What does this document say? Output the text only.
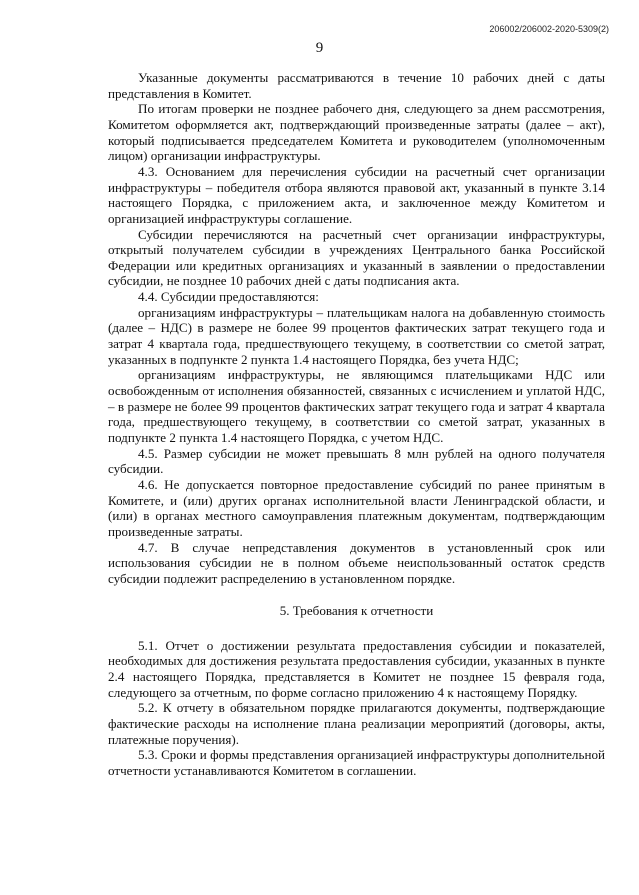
206002/206002-2020-5309(2)
9

Указанные документы рассматриваются в течение 10 рабочих дней с даты представления в Комитет.

По итогам проверки не позднее рабочего дня, следующего за днем рассмотрения, Комитетом оформляется акт, подтверждающий произведенные затраты (далее – акт), который подписывается председателем Комитета и руководителем (уполномоченным лицом) организации инфраструктуры.

4.3. Основанием для перечисления субсидии на расчетный счет организации инфраструктуры – победителя отбора являются правовой акт, указанный в пункте 3.14 настоящего Порядка, с приложением акта, и заключенное между Комитетом и организацией инфраструктуры соглашение.

Субсидии перечисляются на расчетный счет организации инфраструктуры, открытый получателем субсидии в учреждениях Центрального банка Российской Федерации или кредитных организациях и указанный в заявлении о предоставлении субсидии, не позднее 10 рабочих дней с даты подписания акта.

4.4. Субсидии предоставляются:

организациям инфраструктуры – плательщикам налога на добавленную стоимость (далее – НДС) в размере не более 99 процентов фактических затрат текущего года и затрат 4 квартала года, предшествующего текущему, в соответствии со сметой затрат, указанных в подпункте 2 пункта 1.4 настоящего Порядка, без учета НДС;

организациям инфраструктуры, не являющимся плательщиками НДС или освобожденным от исполнения обязанностей, связанных с исчислением и уплатой НДС, – в размере не более 99 процентов фактических затрат текущего года и затрат 4 квартала года, предшествующего текущему, в соответствии со сметой затрат, указанных в подпункте 2 пункта 1.4 настоящего Порядка, с учетом НДС.

4.5. Размер субсидии не может превышать 8 млн рублей на одного получателя субсидии.

4.6. Не допускается повторное предоставление субсидий по ранее принятым в Комитете, и (или) других органах исполнительной власти Ленинградской области, и (или) в органах местного самоуправления платежным документам, подтверждающим произведенные затраты.

4.7. В случае непредставления документов в установленный срок или использования субсидии не в полном объеме неиспользованный остаток средств субсидии подлежит распределению в установленном порядке.

5. Требования к отчетности

5.1. Отчет о достижении результата предоставления субсидии и показателей, необходимых для достижения результата предоставления субсидии, указанных в пункте 2.4 настоящего Порядка, представляется в Комитет не позднее 15 февраля года, следующего за отчетным, по форме согласно приложению 4 к настоящему Порядку.

5.2. К отчету в обязательном порядке прилагаются документы, подтверждающие фактические расходы на исполнение плана реализации мероприятий (договоры, акты, платежные поручения).

5.3. Сроки и формы представления организацией инфраструктуры дополнительной отчетности устанавливаются Комитетом в соглашении.
